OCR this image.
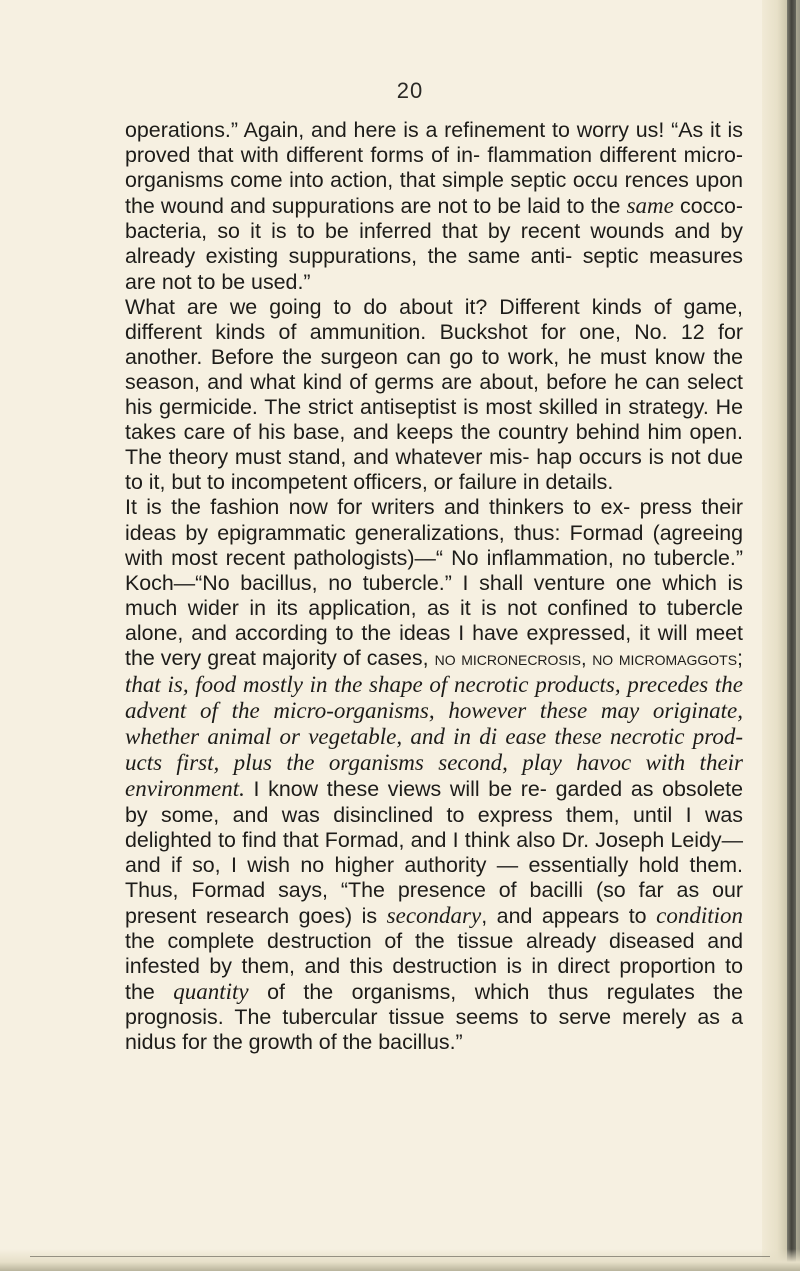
20

operations.” Again, and here is a refinement to worry us! “As it is proved that with different forms of in- flammation different micro-organisms come into action, that simple septic occu rences upon the wound and suppurations are not to be laid to the same cocco- bacteria, so it is to be inferred that by recent wounds and by already existing suppurations, the same anti- septic measures are not to be used.”

What are we going to do about it? Different kinds of game, different kinds of ammunition. Buckshot for one, No. 12 for another. Before the surgeon can go to work, he must know the season, and what kind of germs are about, before he can select his germicide. The strict antiseptist is most skilled in strategy. He takes care of his base, and keeps the country behind him open. The theory must stand, and whatever mis- hap occurs is not due to it, but to incompetent officers, or failure in details.

It is the fashion now for writers and thinkers to ex- press their ideas by epigrammatic generalizations, thus: Formad (agreeing with most recent pathologists)—“ No inflammation, no tubercle.” Koch—“No bacillus, no tubercle.” I shall venture one which is much wider in its application, as it is not confined to tubercle alone, and according to the ideas I have expressed, it will meet the very great majority of cases, no micronecrosis, no micromaggots; that is, food mostly in the shape of necrotic products, precedes the advent of the micro-organisms, however these may originate, whether animal or vegetable, and in di ease these necrotic prod- ucts first, plus the organisms second, play havoc with their environment. I know these views will be re- garded as obsolete by some, and was disinclined to express them, until I was delighted to find that Formad, and I think also Dr. Joseph Leidy—and if so, I wish no higher authority — essentially hold them. Thus, Formad says, “The presence of bacilli (so far as our present research goes) is secondary, and appears to condition the complete destruction of the tissue already diseased and infested by them, and this destruction is in direct proportion to the quantity of the organisms, which thus regulates the prognosis. The tubercular tissue seems to serve merely as a nidus for the growth of the bacillus.”
